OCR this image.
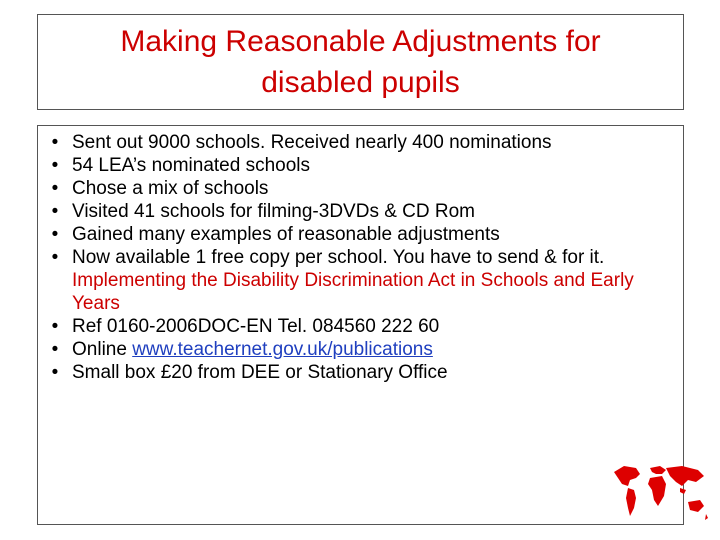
Making Reasonable Adjustments for
disabled pupils
• Sent out 9000 schools. Received nearly 400 nominations
• 54 LEA’s nominated schools
• Chose a mix of schools
• Visited 41 schools for filming-3DVDs & CD Rom
• Gained many examples of reasonable adjustments
• Now available 1 free copy per school. You have to send & for it. Implementing the Disability Discrimination Act in Schools and Early Years
• Ref 0160-2006DOC-EN Tel. 084560 222 60
• Online www.teachernet.gov.uk/publications
• Small box £20 from DEE or Stationary Office
